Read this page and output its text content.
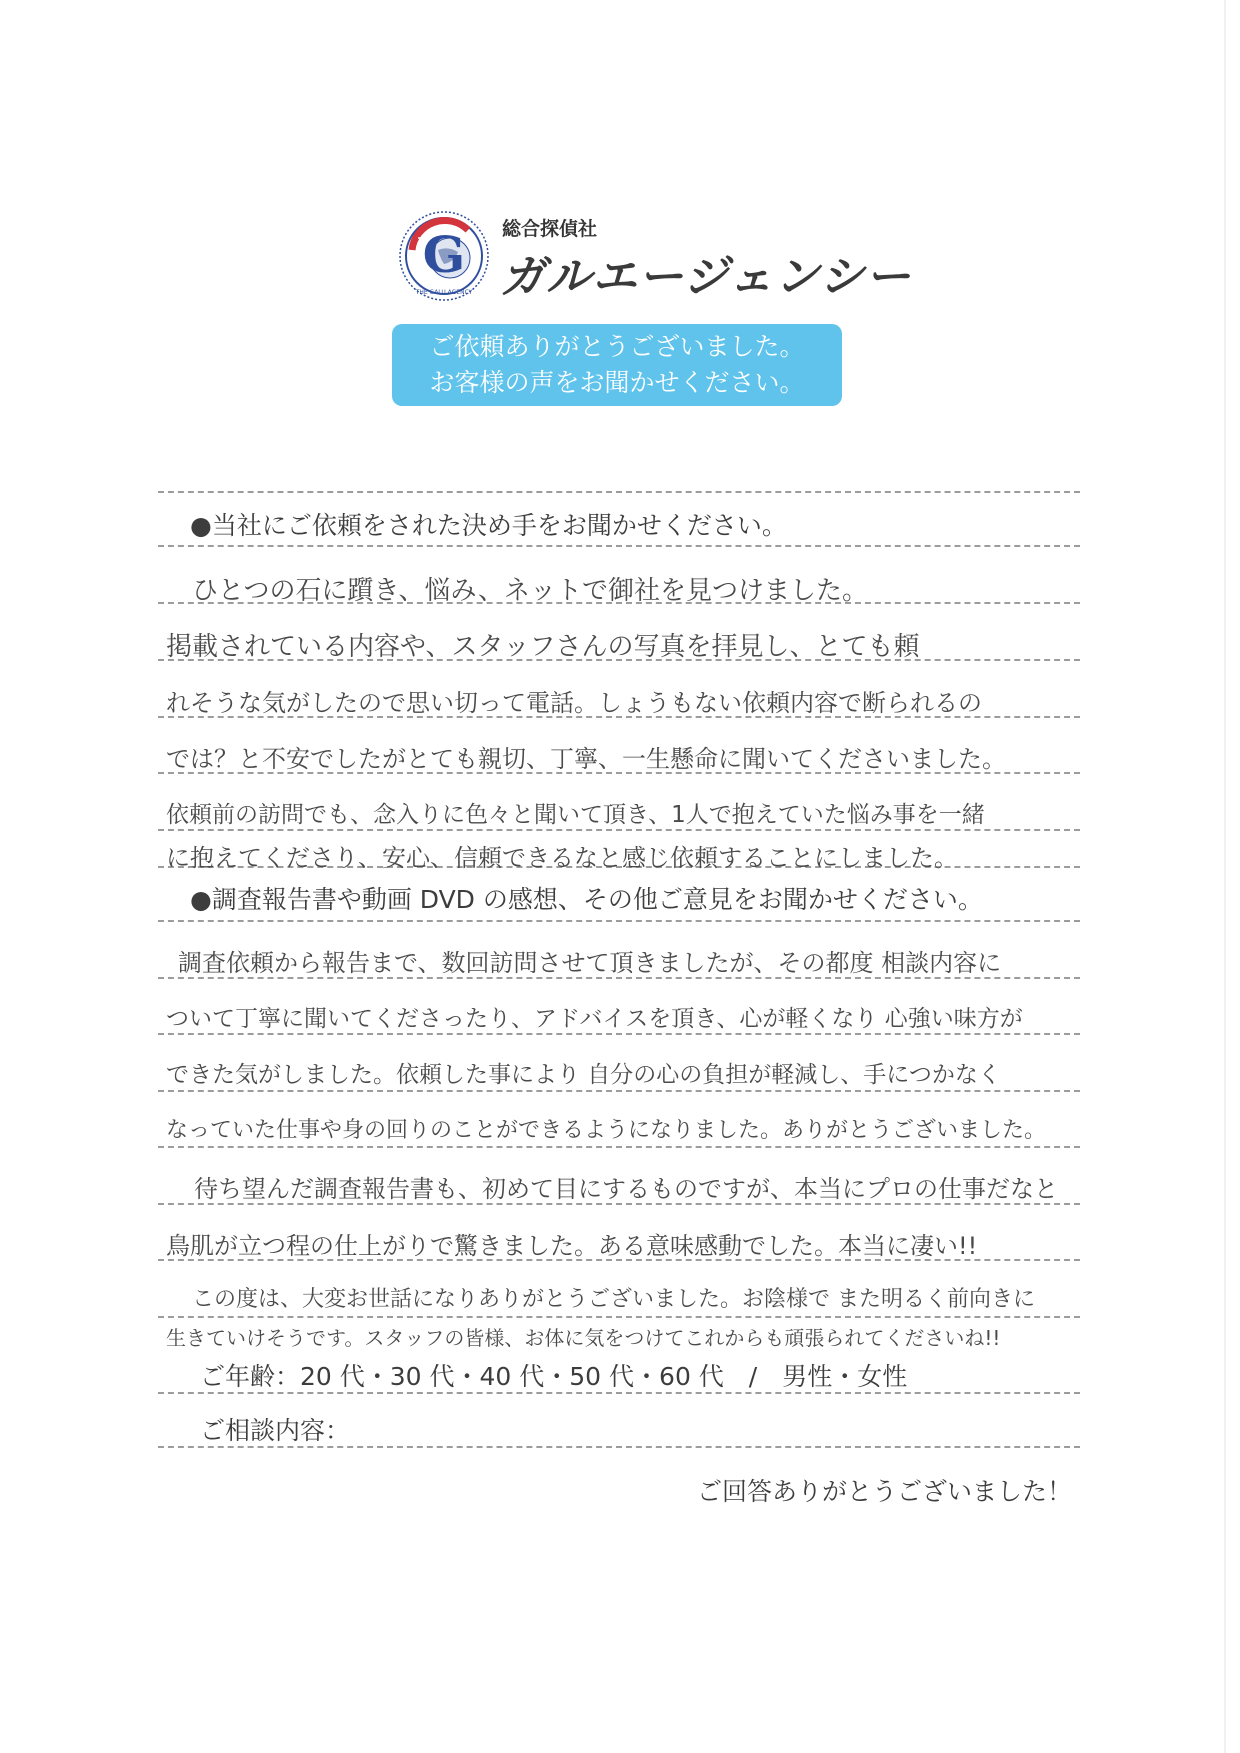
G
THE GALU AGENCY
総合探偵社
ガルエージェンシー
ご依頼ありがとうございました。
お客様の声をお聞かせください。
●当社にご依頼をされた決め手をお聞かせください。
ひとつの石に躓き、悩み、ネットで御社を見つけました。
掲載されている内容や、スタッフさんの写真を拝見し、とても頼
れそうな気がしたので思い切って電話。しょうもない依頼内容で断られるの
では？と不安でしたがとても親切、丁寧、一生懸命に聞いてくださいました。
依頼前の訪問でも、念入りに色々と聞いて頂き、1人で抱えていた悩み事を一緒
に抱えてくださり、安心、信頼できるなと感じ依頼することにしました。
●調査報告書や動画 DVD の感想、その他ご意見をお聞かせください。
調査依頼から報告まで、数回訪問させて頂きましたが、その都度 相談内容に
ついて丁寧に聞いてくださったり、アドバイスを頂き、心が軽くなり 心強い味方が
できた気がしました。依頼した事により 自分の心の負担が軽減し、手につかなく
なっていた仕事や身の回りのことができるようになりました。ありがとうございました。
待ち望んだ調査報告書も、初めて目にするものですが、本当にプロの仕事だなと
鳥肌が立つ程の仕上がりで驚きました。ある意味感動でした。本当に凄い!!
この度は、大変お世話になりありがとうございました。お陰様で また明るく前向きに
生きていけそうです。スタッフの皆様、お体に気をつけてこれからも頑張られてくださいね!!
ご年齢：20 代・30 代・40 代・50 代・60 代　/　男性・女性
ご相談内容：
ご回答ありがとうございました！
